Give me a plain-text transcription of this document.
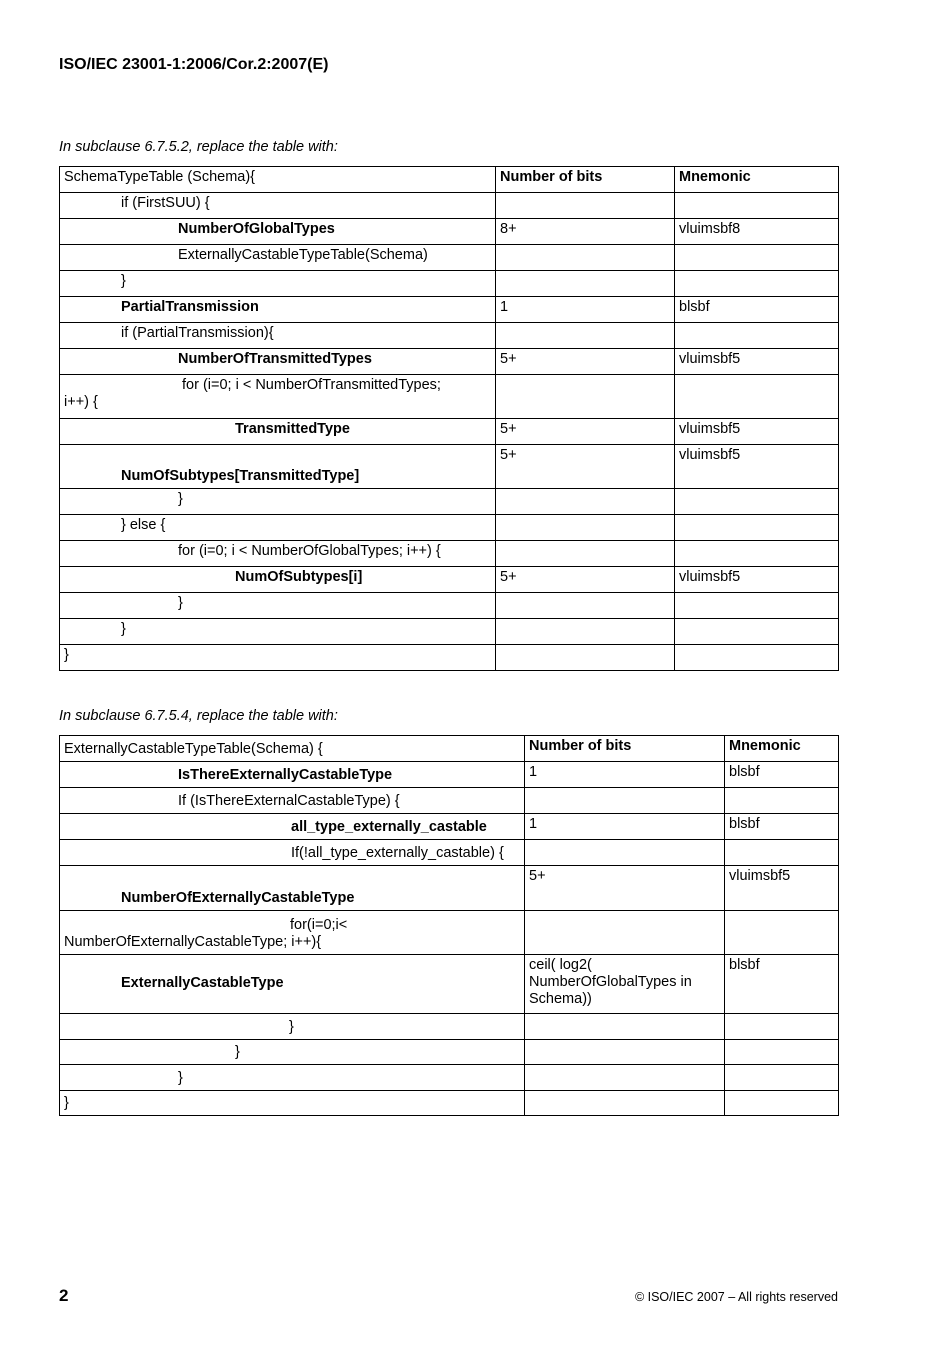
ISO/IEC 23001-1:2006/Cor.2:2007(E)
In subclause 6.7.5.2, replace the table with:
SchemaTypeTable (Schema){	Number of bits	Mnemonic
if (FirstSUU) {		
NumberOfGlobalTypes	8+	vluimsbf8
ExternallyCastableTypeTable(Schema)		
}		
PartialTransmission	1	blsbf
if (PartialTransmission){		
NumberOfTransmittedTypes	5+	vluimsbf5

for (i=0; i < NumberOfTransmittedTypes;
i++) {		

TransmittedType	5+	vluimsbf5
NumOfSubtypes[TransmittedType]	5+	vluimsbf5
}		
} else {		
for (i=0; i < NumberOfGlobalTypes; i++) {		
NumOfSubtypes[i]	5+	vluimsbf5
}		
}		
}		
In subclause 6.7.5.4, replace the table with:
ExternallyCastableTypeTable(Schema) {	Number of bits	Mnemonic
IsThereExternallyCastableType	1	blsbf
If (IsThereExternalCastableType) {		
all_type_externally_castable	1	blsbf
If(!all_type_externally_castable) {		
NumberOfExternallyCastableType	5+	vluimsbf5

for(i=0;i<
NumberOfExternallyCastableType; i++){		

ExternallyCastableType	ceil( log2(
NumberOfGlobalTypes in
Schema))	blsbf
}		
}		
}		
}		
2	© ISO/IEC 2007 – All rights reserved
